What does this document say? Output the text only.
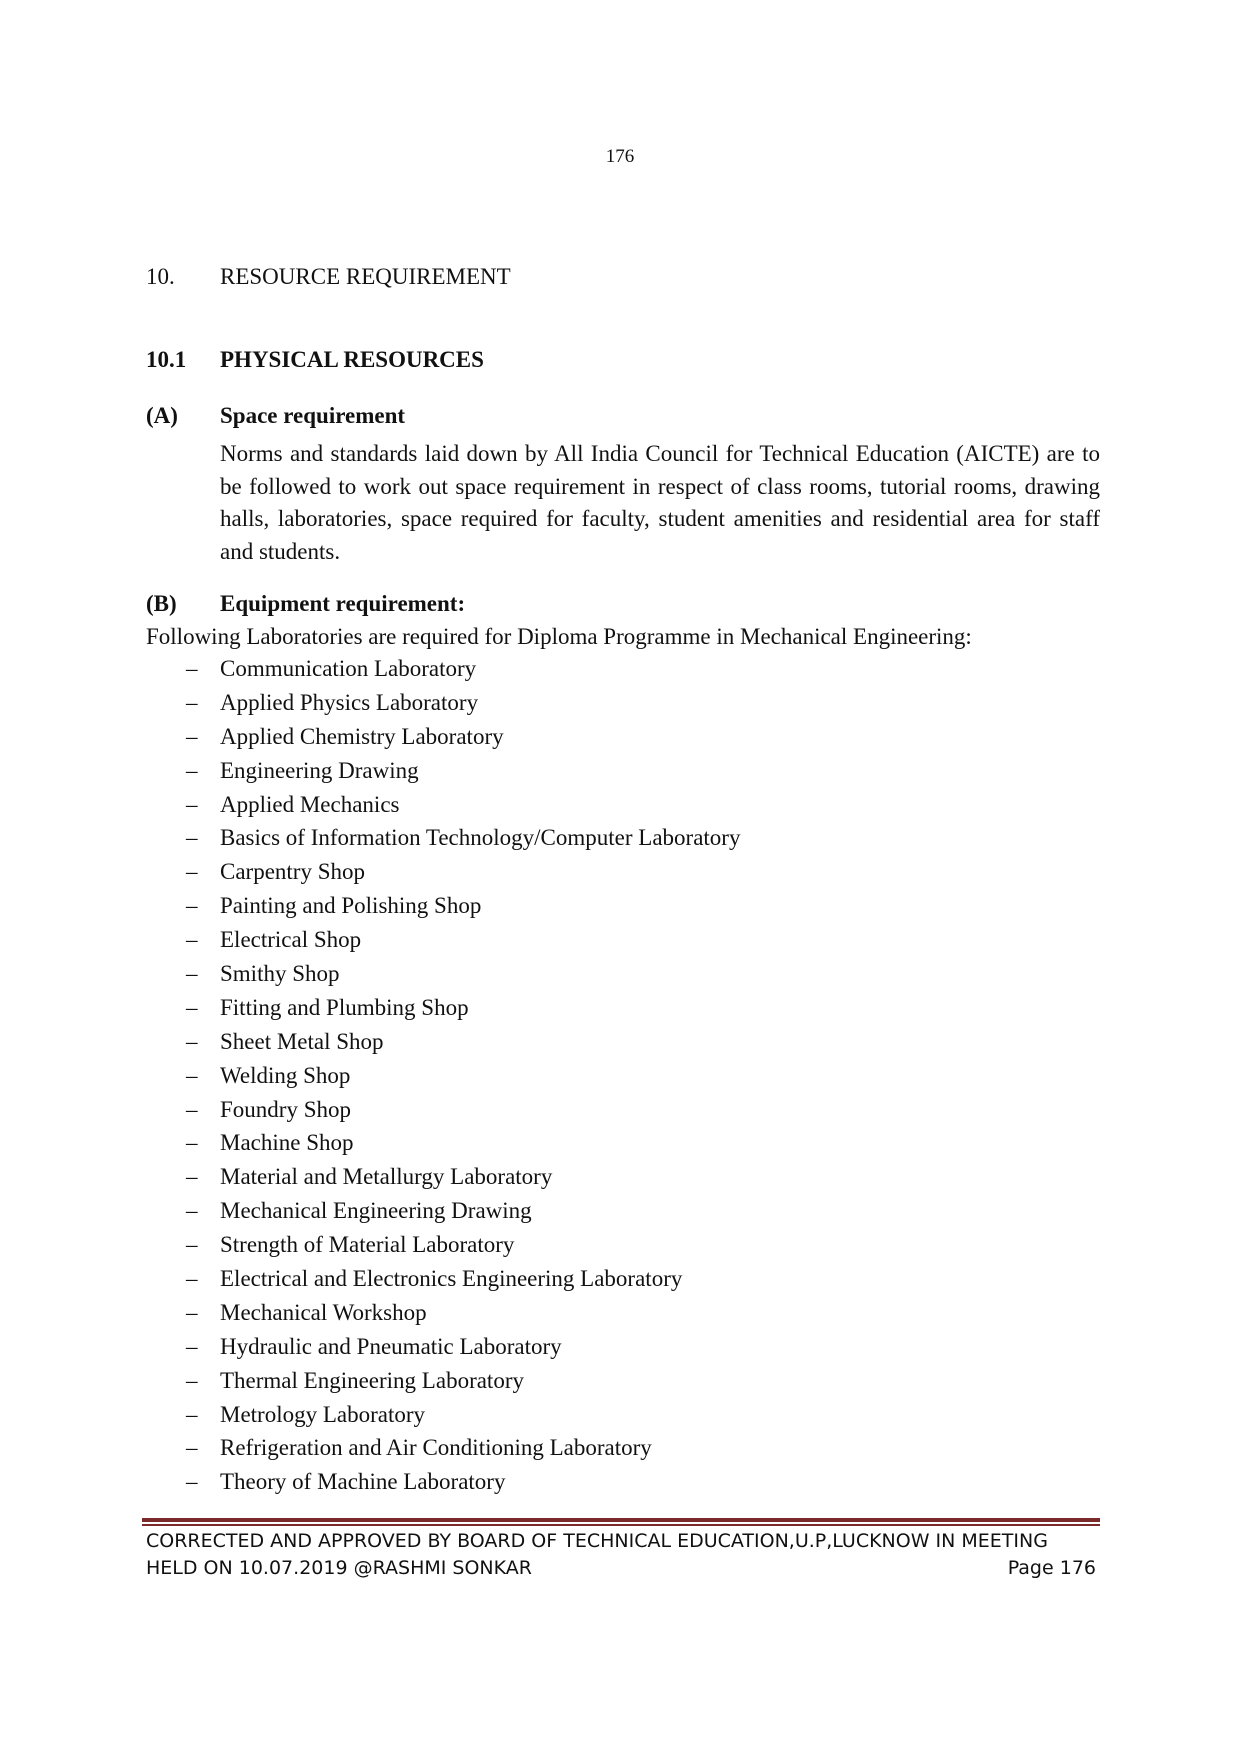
176
10. RESOURCE REQUIREMENT
10.1 PHYSICAL RESOURCES
(A) Space requirement
Norms and standards laid down by All India Council for Technical Education (AICTE) are to be followed to work out space requirement in respect of class rooms, tutorial rooms, drawing halls, laboratories, space required for faculty, student amenities and residential area for staff and students.
(B) Equipment requirement:
Following Laboratories are required for Diploma Programme in Mechanical Engineering:
– Communication Laboratory
– Applied Physics Laboratory
– Applied Chemistry Laboratory
– Engineering Drawing
– Applied Mechanics
– Basics of Information Technology/Computer Laboratory
– Carpentry Shop
– Painting and Polishing Shop
– Electrical Shop
– Smithy Shop
– Fitting and Plumbing Shop
– Sheet Metal Shop
– Welding Shop
– Foundry Shop
– Machine Shop
– Material and Metallurgy Laboratory
– Mechanical Engineering Drawing
– Strength of Material Laboratory
– Electrical and Electronics Engineering Laboratory
– Mechanical Workshop
– Hydraulic and Pneumatic Laboratory
– Thermal Engineering Laboratory
– Metrology Laboratory
– Refrigeration and Air Conditioning Laboratory
– Theory of Machine Laboratory
CORRECTED AND APPROVED BY BOARD OF TECHNICAL EDUCATION,U.P,LUCKNOW IN MEETING
HELD ON 10.07.2019 @RASHMI SONKAR	Page 176
